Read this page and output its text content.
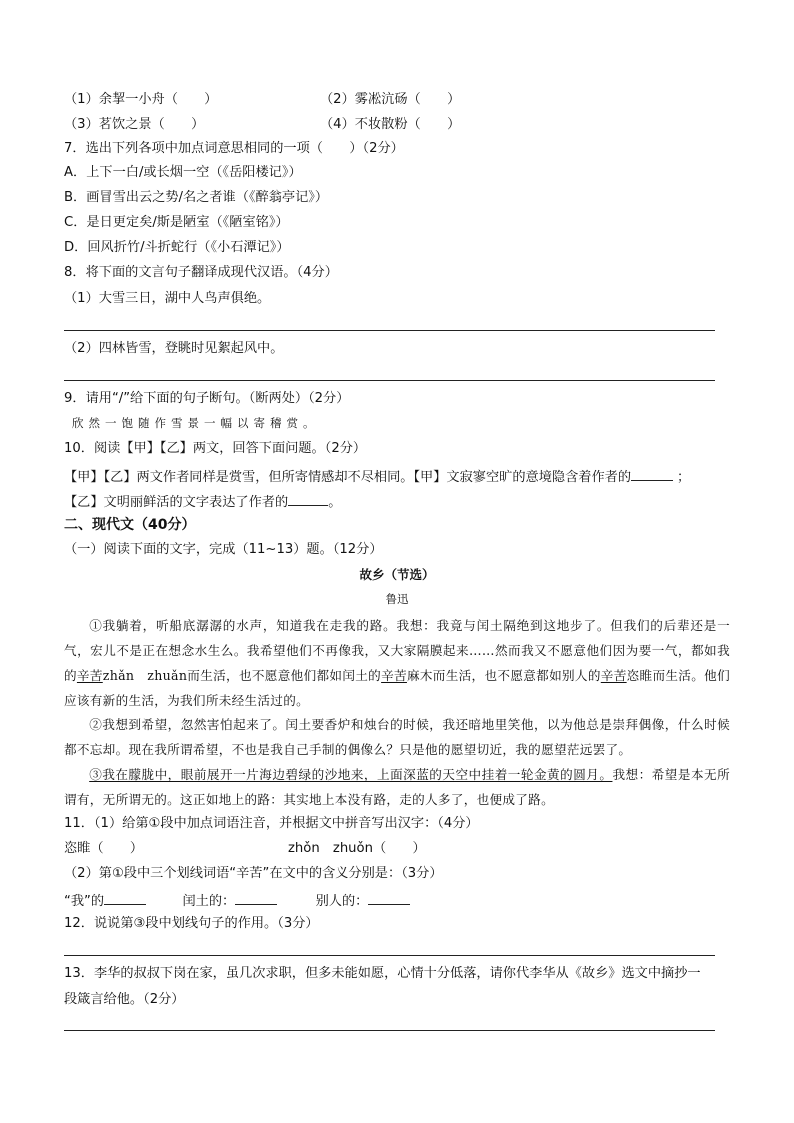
（1）余挈一小舟（　　）	（2）雾凇沆砀（　　）
（3）茗饮之景（　　）	（4）不妆散粉（　　）
7．选出下列各项中加点词意思相同的一项（　　）（2分）
A．上下一白/或长烟一空（《岳阳楼记》）
B．画冒雪出云之势/名之者谁（《醉翁亭记》）
C．是日更定矣/斯是陋室（《陋室铭》）
D．回风折竹/斗折蛇行（《小石潭记》）
8．将下面的文言句子翻译成现代汉语。（4分）
（1）大雪三日，湖中人鸟声俱绝。
（2）四林皆雪，登眺时见絮起风中。
9．请用“/”给下面的句子断句。（断两处）（2分）
欣然一饱随作雪景一幅以寄稽赏。
10．阅读【甲】【乙】两文，回答下面问题。（2分）
【甲】【乙】两文作者同样是赏雪，但所寄情感却不尽相同。【甲】文寂寥空旷的意境隐含着作者的	；
【乙】文明丽鲜活的文字表达了作者的	。
二、现代文（40分）
（一）阅读下面的文字，完成（11~13）题。（12分）
故乡（节选）
鲁迅
①我躺着，听船底潺潺的水声，知道我在走我的路。我想：我竟与闰土隔绝到这地步了。但我们的后辈还是一气，宏儿不是正在想念水生么。我希望他们不再像我，又大家隔膜起来……然而我又不愿意他们因为要一气，都如我的辛苦zhǎn　zhuǎn而生活，也不愿意他们都如闰土的辛苦麻木而生活，也不愿意都如别人的辛苦恣睢而生活。他们应该有新的生活，为我们所未经生活过的。
②我想到希望，忽然害怕起来了。闰土要香炉和烛台的时候，我还暗地里笑他，以为他总是崇拜偶像，什么时候都不忘却。现在我所谓希望，不也是我自己手制的偶像么？只是他的愿望切近，我的愿望茫远罢了。
③我在朦胧中，眼前展开一片海边碧绿的沙地来，上面深蓝的天空中挂着一轮金黄的圆月。我想：希望是本无所谓有，无所谓无的。这正如地上的路：其实地上本没有路，走的人多了，也便成了路。
11．（1）给第①段中加点词语注音，并根据文中拼音写出汉字：（4分）
恣睢（　　）	zhǒn　zhuǒn（　　）
（2）第①段中三个划线词语“辛苦”在文中的含义分别是：（3分）
“我”的	闰土的：	别人的：
12．说说第③段中划线句子的作用。（3分）
13．李华的叔叔下岗在家，虽几次求职，但多未能如愿，心情十分低落，请你代李华从《故乡》选文中摘抄一
段箴言给他。（2分）
